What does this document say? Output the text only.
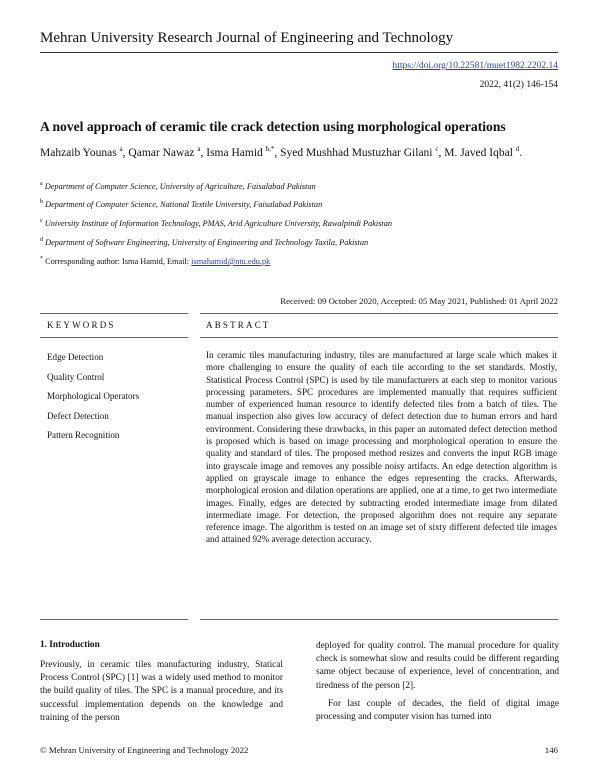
Mehran University Research Journal of Engineering and Technology
https://doi.org/10.22581/muet1982.2202.14
2022, 41(2) 146-154
A novel approach of ceramic tile crack detection using morphological operations
Mahzaib Younas $^a$, Qamar Nawaz $^a$, Isma Hamid $^{b,*}$, Syed Mushhad Mustuzhar Gilani $^c$, M. Javed Iqbal $^d$.
$^a$ Department of Computer Science, University of Agriculture, Faisalabad Pakistan
$^b$ Department of Computer Science, National Textile University, Faisalabad Pakistan
$^c$ University Institute of Information Technology, PMAS, Arid Agriculture University, Rawalpindi Pakistan
$^d$ Department of Software Engineering, University of Engineering and Technology Taxila, Pakistan
* Corresponding author: Isma Hamid, Email: ismahamid@ntu.edu.pk
Received: 09 October 2020, Accepted: 05 May 2021, Published: 01 April 2022
KEYWORDS	ABSTRACT
Edge Detection
Quality Control
Morphological Operators
Defect Detection
Pattern Recognition
In ceramic tiles manufacturing industry, tiles are manufactured at large scale which makes it more challenging to ensure the quality of each tile according to the set standards. Mostly, Statistical Process Control (SPC) is used by tile manufacturers at each step to monitor various processing parameters. SPC procedures are implemented manually that requires sufficient number of experienced human resource to identify defected tiles from a batch of tiles. The manual inspection also gives low accuracy of defect detection due to human errors and hard environment. Considering these drawbacks, in this paper an automated defect detection method is proposed which is based on image processing and morphological operation to ensure the quality and standard of tiles. The proposed method resizes and converts the input RGB image into grayscale image and removes any possible noisy artifacts. An edge detection algorithm is applied on grayscale image to enhance the edges representing the cracks. Afterwards, morphological erosion and dilation operations are applied, one at a time, to get two intermediate images. Finally, edges are detected by subtracting eroded intermediate image from dilated intermediate image. For detection, the proposed algorithm does not require any separate reference image. The algorithm is tested on an image set of sixty different defected tile images and attained 92% average detection accuracy.
1. Introduction
Previously, in ceramic tiles manufacturing industry, Statical Process Control (SPC) [1] was a widely used method to monitor the build quality of tiles. The SPC is a manual procedure, and its successful implementation depends on the knowledge and training of the person

deployed for quality control. The manual procedure for quality check is somewhat slow and results could be different regarding same object because of experience, level of concentration, and tiredness of the person [2].

For last couple of decades, the field of digital image processing and computer vision has turned into

© Mehran University of Engineering and Technology 2022	146
